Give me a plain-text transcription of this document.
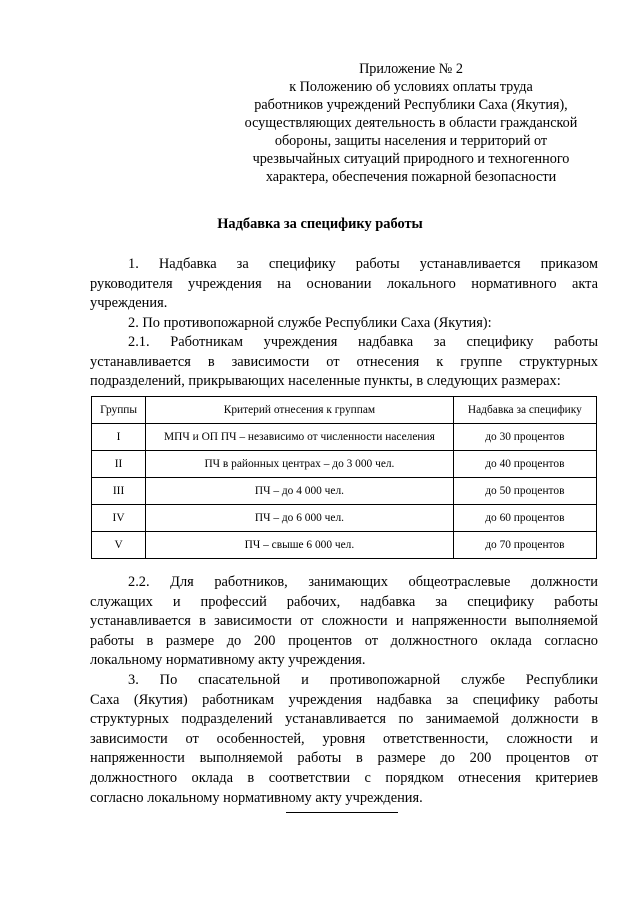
Приложение № 2
к Положению об условиях оплаты труда
работников учреждений Республики Саха (Якутия),
осуществляющих деятельность в области гражданской
обороны, защиты населения и территорий от
чрезвычайных ситуаций природного и техногенного
характера, обеспечения пожарной безопасности
Надбавка за специфику работы
1. Надбавка за специфику работы устанавливается приказом
руководителя учреждения на основании локального нормативного акта
учреждения.
2. По противопожарной службе Республики Саха (Якутия):
2.1. Работникам учреждения надбавка за специфику работы
устанавливается в зависимости от отнесения к группе структурных
подразделений, прикрывающих населенные пункты, в следующих размерах:
Группы	Критерий отнесения к группам	Надбавка за специфику
I	МПЧ и ОП ПЧ – независимо от численности населения	до 30 процентов
II	ПЧ в районных центрах – до 3 000 чел.	до 40 процентов
III	ПЧ – до 4 000 чел.	до 50 процентов
IV	ПЧ – до 6 000 чел.	до 60 процентов
V	ПЧ – свыше 6 000 чел.	до 70 процентов
2.2. Для работников, занимающих общеотраслевые должности
служащих и профессий рабочих, надбавка за специфику работы
устанавливается в зависимости от сложности и напряженности выполняемой
работы в размере до 200 процентов от должностного оклада согласно
локальному нормативному акту учреждения.
3. По спасательной и противопожарной службе Республики
Саха (Якутия) работникам учреждения надбавка за специфику работы
структурных подразделений устанавливается по занимаемой должности в
зависимости от особенностей, уровня ответственности, сложности и
напряженности выполняемой работы в размере до 200 процентов от
должностного оклада в соответствии с порядком отнесения критериев
согласно локальному нормативному акту учреждения.
